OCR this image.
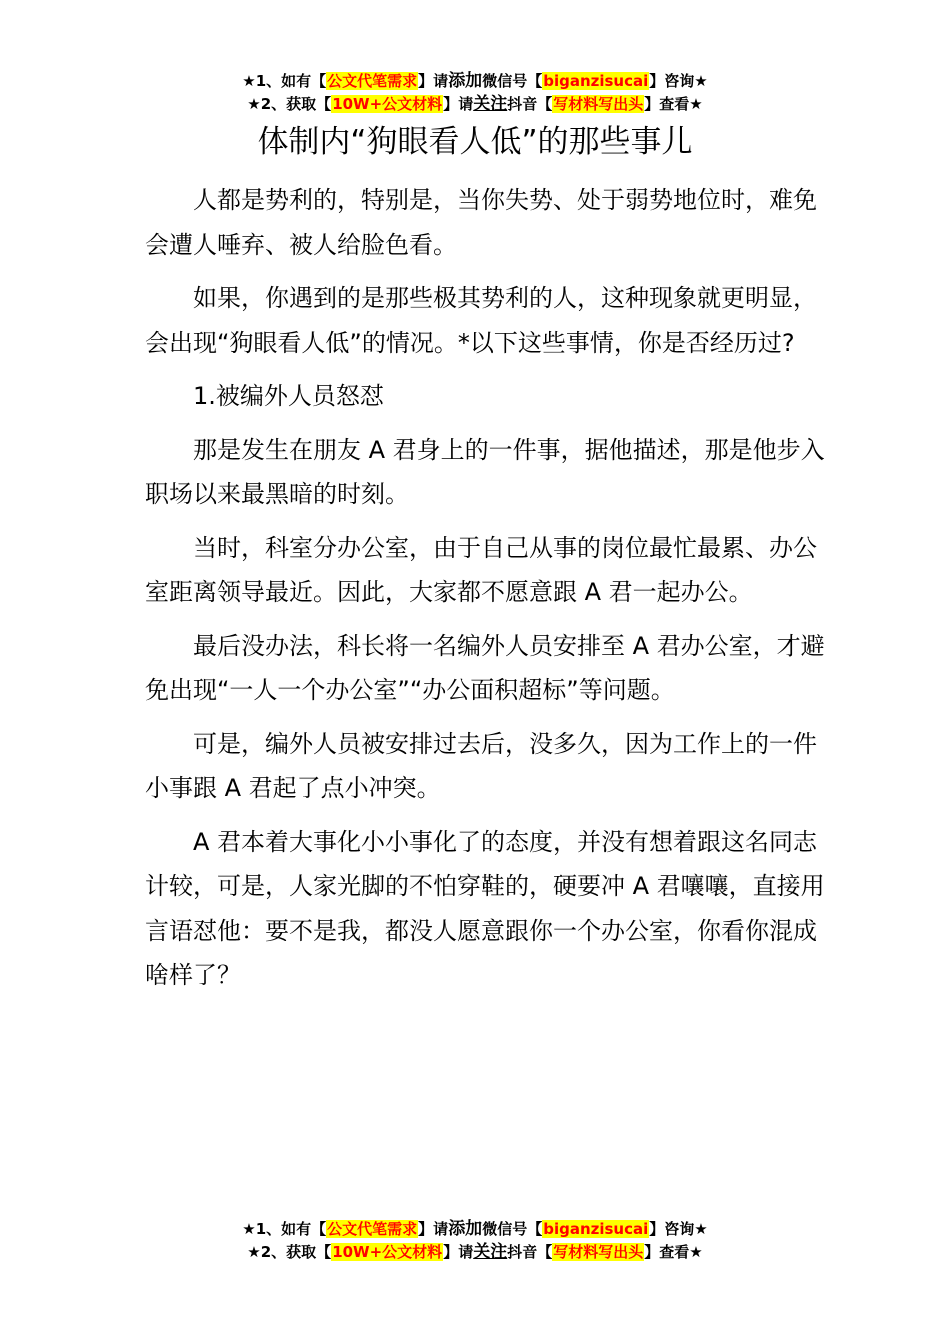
★1、如有【公文代笔需求】请添加微信号【biganzisucai】咨询★
★2、获取【10W+公文材料】请关注抖音【写材料写出头】查看★
体制内“狗眼看人低”的那些事儿

人都是势利的，特别是，当你失势、处于弱势地位时，难免会遭人唾弃、被人给脸色看。

如果，你遇到的是那些极其势利的人，这种现象就更明显，会出现“狗眼看人低”的情况。*以下这些事情，你是否经历过?

1.被编外人员怒怼

那是发生在朋友 A 君身上的一件事，据他描述，那是他步入职场以来最黑暗的时刻。

当时，科室分办公室，由于自己从事的岗位最忙最累、办公室距离领导最近。因此，大家都不愿意跟 A 君一起办公。

最后没办法，科长将一名编外人员安排至 A 君办公室，才避免出现“一人一个办公室”“办公面积超标”等问题。

可是，编外人员被安排过去后，没多久，因为工作上的一件小事跟 A 君起了点小冲突。

A 君本着大事化小小事化了的态度，并没有想着跟这名同志计较，可是，人家光脚的不怕穿鞋的，硬要冲 A 君嚷嚷，直接用言语怼他：要不是我，都没人愿意跟你一个办公室，你看你混成啥样了？

★1、如有【公文代笔需求】请添加微信号【biganzisucai】咨询★
★2、获取【10W+公文材料】请关注抖音【写材料写出头】查看★
